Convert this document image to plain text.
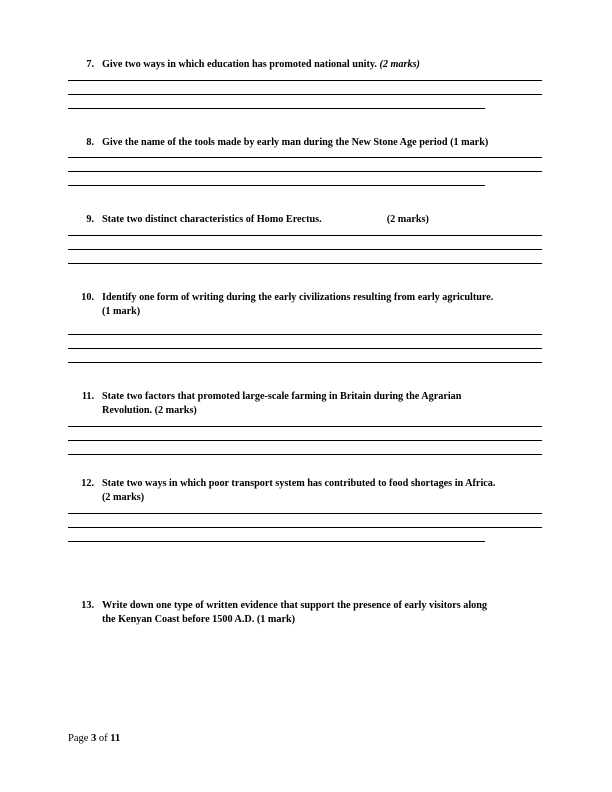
7. Give two ways in which education has promoted national unity. (2 marks)
8. Give the name of the tools made by early man during the New Stone Age period (1 mark)
9. State two distinct characteristics of Homo Erectus.	(2 marks)
10. Identify one form of writing during the early civilizations resulting from early agriculture.
(1 mark)
11. State two factors that promoted large-scale farming in Britain during the Agrarian
Revolution. (2 marks)
12. State two ways in which poor transport system has contributed to food shortages in Africa.
(2 marks)
13. Write down one type of written evidence that support the presence of early visitors along
the Kenyan Coast before 1500 A.D. (1 mark)
Page 3 of 11
